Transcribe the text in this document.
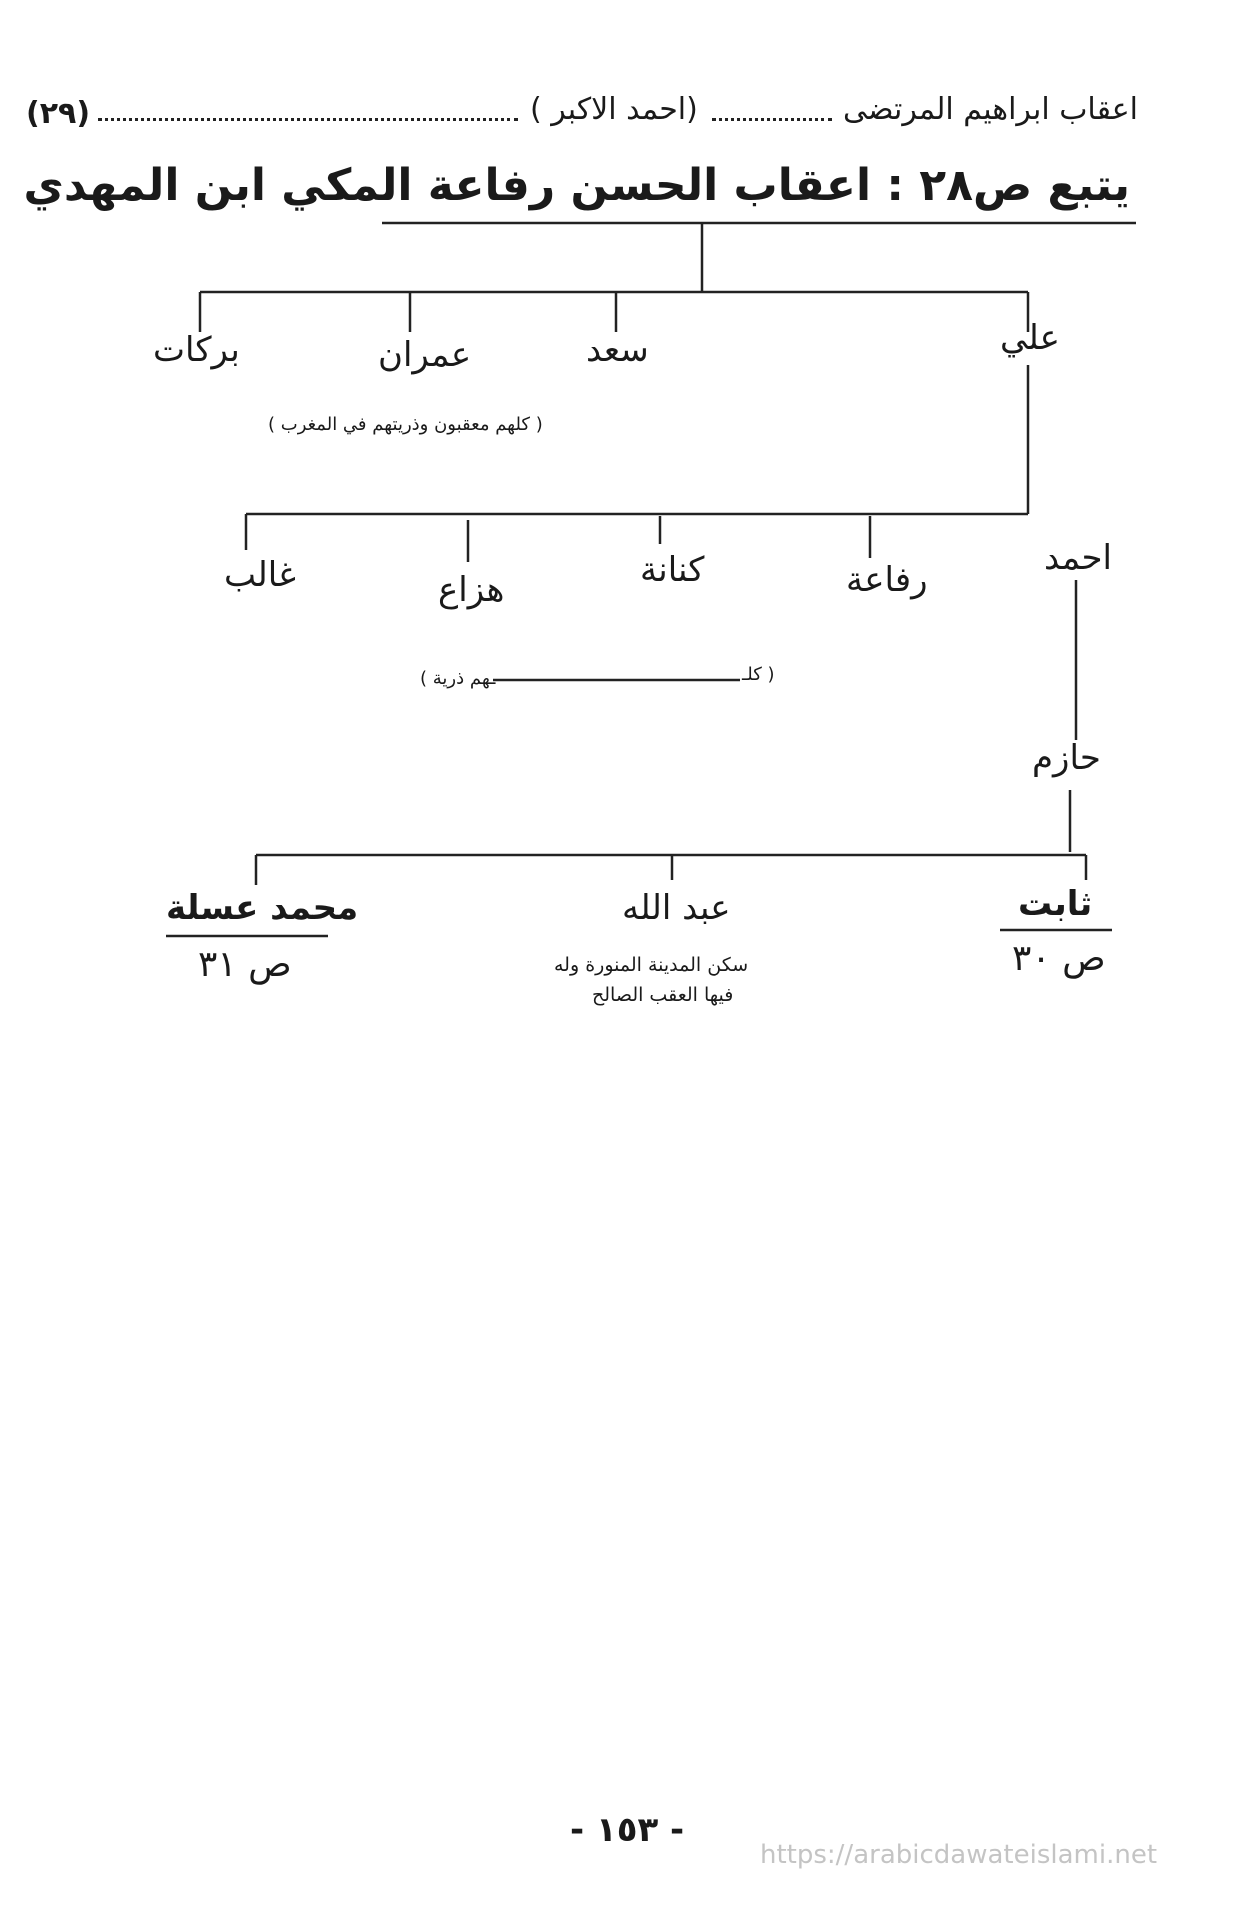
اعقاب ابراهيم المرتضى
(احمد الاكبر )
(٢٩)
يتبع ص٢٨ : اعقاب الحسن رفاعة المكي ابن المهدي
بركات	عمران	سعد	علي
( كلهم معقبون وذريتهم في المغرب )
غالب	هزاع	كنانة	رفاعة
احمد
( كلـ
ـهم ذرية )
حازم
ثابت
ص ٣٠
عبد الله
سكن المدينة المنورة وله
فيها العقب الصالح
محمد عسلة
ص ٣١
- ١٥٣ -
https://arabicdawateislami.net
